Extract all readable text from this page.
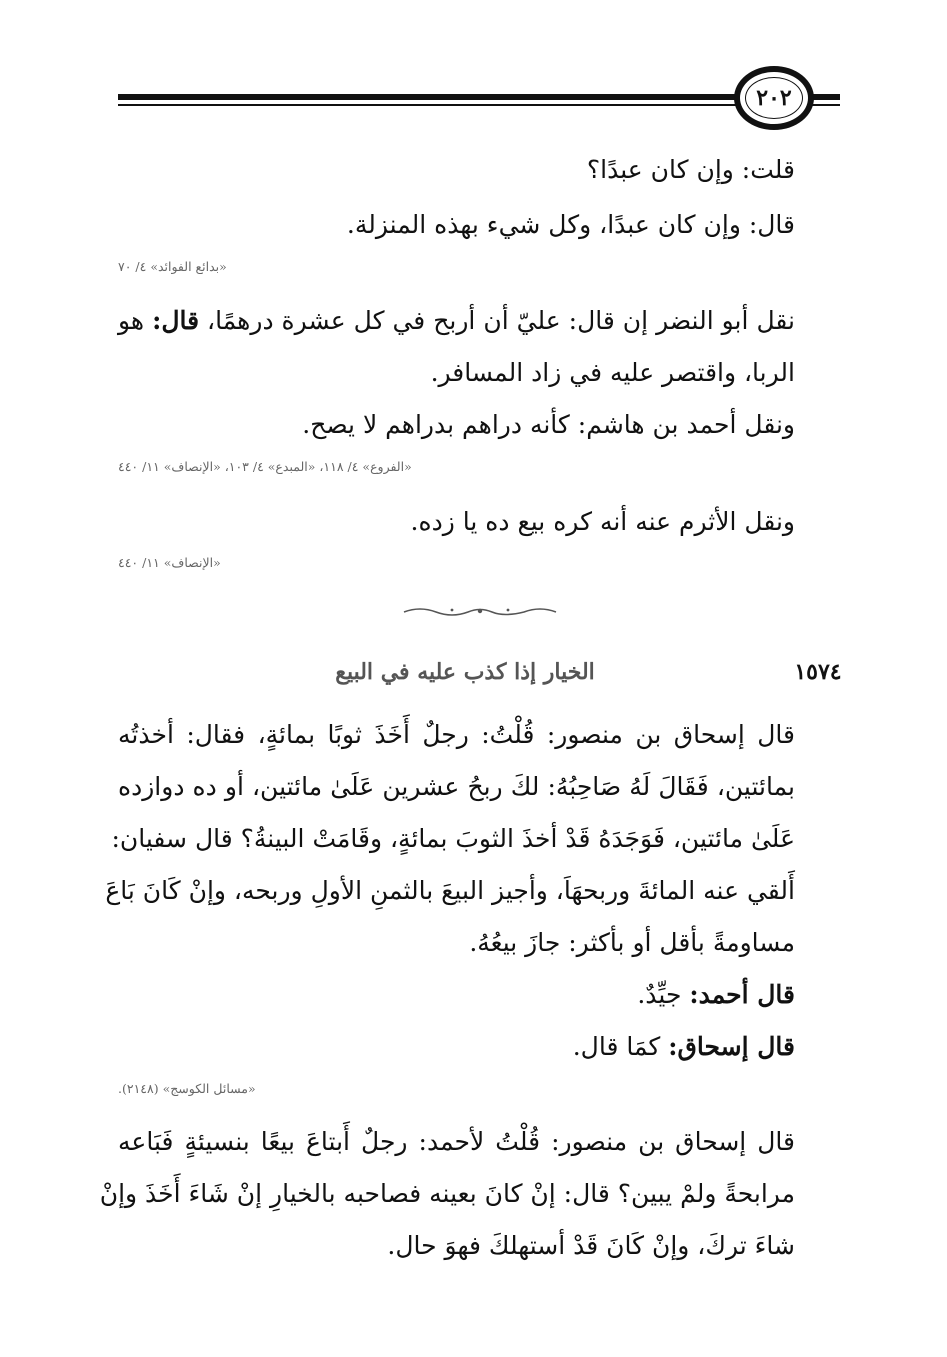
٢٠٢
قلت: وإن كان عبدًا؟
قال: وإن كان عبدًا، وكل شيء بهذه المنزلة.
«بدائع الفوائد» ٤/ ٧٠
نقل أبو النضر إن قال: عليّ أن أربح في كل عشرة درهمًا، قال: هو
الربا، واقتصر عليه في زاد المسافر.
ونقل أحمد بن هاشم: كأنه دراهم بدراهم لا يصح.
«الفروع» ٤/ ١١٨، «المبدع» ٤/ ١٠٣، «الإنصاف» ١١/ ٤٤٠
ونقل الأثرم عنه أنه كره بيع ده يا زده.
«الإنصاف» ١١/ ٤٤٠
١٥٧٤
الخيار إذا كذب عليه في البيع
قال إسحاق بن منصور: قُلْتُ: رجلٌ أَخَذَ ثوبًا بمائةٍ، فقال: أخذتُه
بمائتين، فَقَالَ لَهُ صَاحِبُهُ: لكَ ربحُ عشرين عَلَىٰ مائتين، أو ده دوازده
عَلَىٰ مائتين، فَوَجَدَهُ قَدْ أخذَ الثوبَ بمائةٍ، وقَامَتْ البينةُ؟ قال سفيان:
أَلقي عنه المائةَ وربحهَاَ، وأجيز البيعَ بالثمنِ الأولِ وربحه، وإنْ كَانَ بَاعَ
مساومةً بأقل أو بأكثر: جازَ بيعُهُ.
قال أحمد: جيِّدٌ.
قال إسحاق: كمَا قال.
«مسائل الكوسج» (٢١٤٨).
قال إسحاق بن منصور: قُلْتُ لأحمد: رجلٌ أَبتاعَ بيعًا بنسيئةٍ فَبَاعه
مرابحةً ولمْ يبين؟ قال: إنْ كانَ بعينه فصاحبه بالخيارِ إنْ شَاءَ أَخَذَ وإنْ
شاءَ تركَ، وإنْ كَانَ قَدْ أستهلكَ فهوَ حال.
